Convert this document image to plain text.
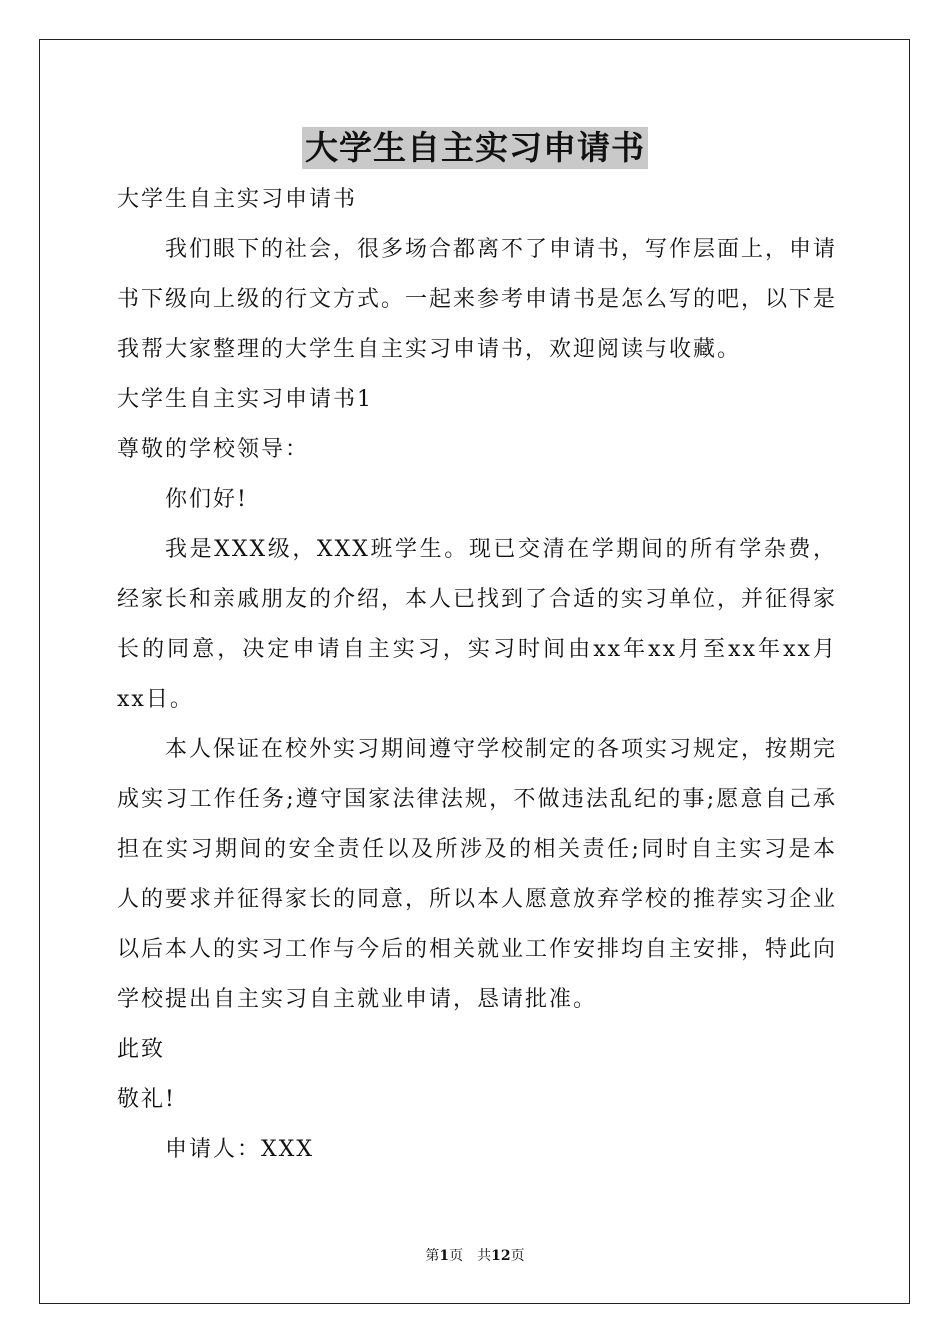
大学生自主实习申请书

大学生自主实习申请书

我们眼下的社会，很多场合都离不了申请书，写作层面上，申请书下级向上级的行文方式。一起来参考申请书是怎么写的吧，以下是我帮大家整理的大学生自主实习申请书，欢迎阅读与收藏。

大学生自主实习申请书1

尊敬的学校领导：

你们好!

我是XXX级，XXX班学生。现已交清在学期间的所有学杂费，经家长和亲戚朋友的介绍，本人已找到了合适的实习单位，并征得家长的同意，决定申请自主实习，实习时间由xx年xx月至xx年xx月xx日。

本人保证在校外实习期间遵守学校制定的各项实习规定，按期完成实习工作任务;遵守国家法律法规，不做违法乱纪的事;愿意自己承担在实习期间的安全责任以及所涉及的相关责任;同时自主实习是本人的要求并征得家长的同意，所以本人愿意放弃学校的推荐实习企业以后本人的实习工作与今后的相关就业工作安排均自主安排，特此向学校提出自主实习自主就业申请，恳请批准。

此致

敬礼!

申请人：XXX

第1页 共12页
